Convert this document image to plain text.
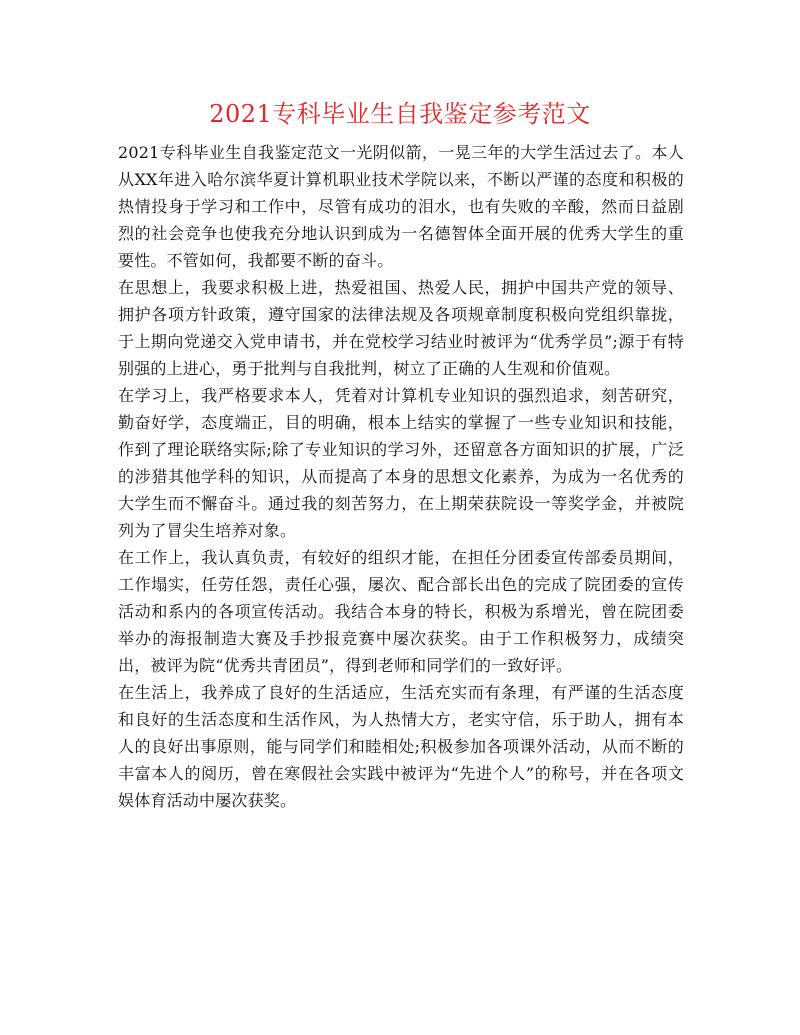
2021专科毕业生自我鉴定参考范文

2021专科毕业生自我鉴定范文一光阴似箭，一晃三年的大学生活过去了。本人从XX年进入哈尔滨华夏计算机职业技术学院以来，不断以严谨的态度和积极的热情投身于学习和工作中，尽管有成功的泪水，也有失败的辛酸，然而日益剧烈的社会竞争也使我充分地认识到成为一名德智体全面开展的优秀大学生的重要性。不管如何，我都要不断的奋斗。

在思想上，我要求积极上进，热爱祖国、热爱人民，拥护中国共产党的领导、拥护各项方针政策，遵守国家的法律法规及各项规章制度积极向党组织靠拢，于上期向党递交入党申请书，并在党校学习结业时被评为“优秀学员”;源于有特别强的上进心，勇于批判与自我批判，树立了正确的人生观和价值观。

在学习上，我严格要求本人，凭着对计算机专业知识的强烈追求，刻苦研究，勤奋好学，态度端正，目的明确，根本上结实的掌握了一些专业知识和技能，作到了理论联络实际;除了专业知识的学习外，还留意各方面知识的扩展，广泛的涉猎其他学科的知识，从而提高了本身的思想文化素养，为成为一名优秀的大学生而不懈奋斗。通过我的刻苦努力，在上期荣获院设一等奖学金，并被院列为了冒尖生培养对象。

在工作上，我认真负责，有较好的组织才能，在担任分团委宣传部委员期间，工作塌实，任劳任怨，责任心强，屡次、配合部长出色的完成了院团委的宣传活动和系内的各项宣传活动。我结合本身的特长，积极为系增光，曾在院团委举办的海报制造大赛及手抄报竞赛中屡次获奖。由于工作积极努力，成绩突出，被评为院“优秀共青团员”，得到老师和同学们的一致好评。

在生活上，我养成了良好的生活适应，生活充实而有条理，有严谨的生活态度和良好的生活态度和生活作风，为人热情大方，老实守信，乐于助人，拥有本人的良好出事原则，能与同学们和睦相处;积极参加各项课外活动，从而不断的丰富本人的阅历，曾在寒假社会实践中被评为“先进个人”的称号，并在各项文娱体育活动中屡次获奖。
